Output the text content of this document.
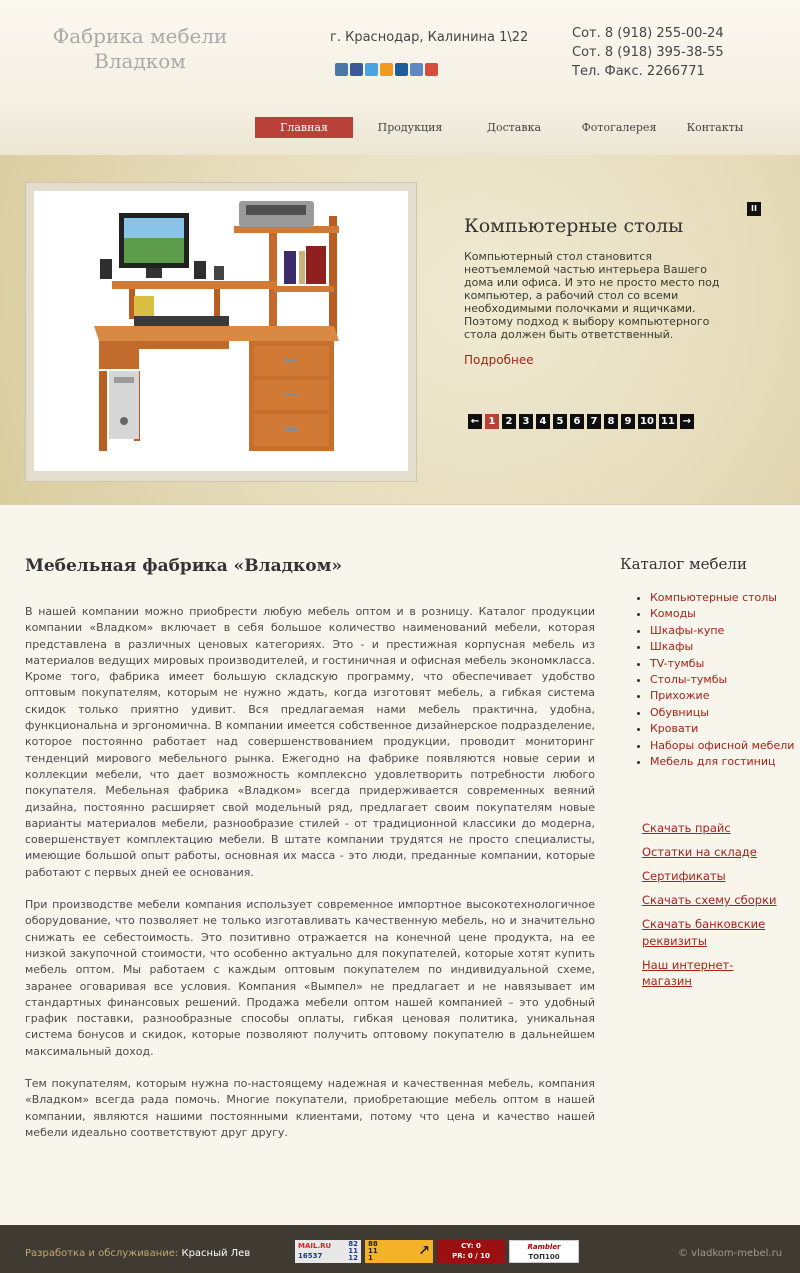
Фабрика мебели
Владком
г. Краснодар, Калинина 1\22	Сот. 8 (918) 255-00-24
Сот. 8 (918) 395-38-55
Тел. Факс. 2266771
Главная	Продукция	Доставка	Фотогалерея	Контакты
II
Компьютерные столы
Компьютерный стол становится неотъемлемой частью интерьера Вашего дома или офиса. И это не просто место под компьютер, а рабочий стол со всеми необходимыми полочками и ящичками. Поэтому подход к выбору компьютерного стола должен быть ответственный.
Подробнее
← 1	2	3	4	5	6	7	8	9 10 11 →
Мебельная фабрика «Владком»

В нашей компании можно приобрести любую мебель оптом и в розницу. Каталог продукции компании «Владком» включает в себя большое количество наименований мебели, которая представлена в различных ценовых категориях. Это - и престижная корпусная мебель из материалов ведущих мировых производителей, и гостиничная и офисная мебель экономкласса. Кроме того, фабрика имеет большую складскую программу, что обеспечивает удобство оптовым покупателям, которым не нужно ждать, когда изготовят мебель, а гибкая система скидок только приятно удивит. Вся предлагаемая нами мебель практична, удобна, функциональна и эргономична. В компании имеется собственное дизайнерское подразделение, которое постоянно работает над совершенствованием продукции, проводит мониторинг тенденций мирового мебельного рынка. Ежегодно на фабрике появляются новые серии и коллекции мебели, что дает возможность комплексно удовлетворить потребности любого покупателя. Мебельная фабрика «Владком» всегда придерживается современных веяний дизайна, постоянно расширяет свой модельный ряд, предлагает своим покупателям новые варианты материалов мебели, разнообразие стилей - от традиционной классики до модерна, совершенствует комплектацию мебели. В штате компании трудятся не просто специалисты, имеющие большой опыт работы, основная их масса - это люди, преданные компании, которые работают с первых дней ее основания.

При производстве мебели компания использует современное импортное высокотехнологичное оборудование, что позволяет не только изготавливать качественную мебель, но и значительно снижать ее себестоимость. Это позитивно отражается на конечной цене продукта, на ее низкой закупочной стоимости, что особенно актуально для покупателей, которые хотят купить мебель оптом. Мы работаем с каждым оптовым покупателем по индивидуальной схеме, заранее оговаривая все условия. Компания «Вымпел» не предлагает и не навязывает им стандартных финансовых решений. Продажа мебели оптом нашей компанией – это удобный график поставки, разнообразные способы оплаты, гибкая ценовая политика, уникальная система бонусов и скидок, которые позволяют получить оптовому покупателю в дальнейшем максимальный доход.

Тем покупателям, которым нужна по-настоящему надежная и качественная мебель, компания «Владком» всегда рада помочь. Многие покупатели, приобретающие мебель оптом в нашей компании, являются нашими постоянными клиентами, потому что цена и качество нашей мебели идеально соответствуют друг другу.

Каталог мебели
• Компьютерные столы
• Комоды
• Шкафы-купе
• Шкафы
• TV-тумбы
• Столы-тумбы
• Прихожие
• Обувницы
• Кровати
• Наборы офисной мебели
• Мебель для гостиниц
Скачать прайс
Остатки на складе
Сертификаты
Скачать схему сборки
Скачать банковские реквизиты
Наш интернет-магазин
Разработка и обслуживание: Красный Лев
MAIL.RU
16537
82
11
12
88
11
1	↗	CY: 0
PR: 0 / 10
Rambler
ТОП100	© vladkom-mebel.ru
